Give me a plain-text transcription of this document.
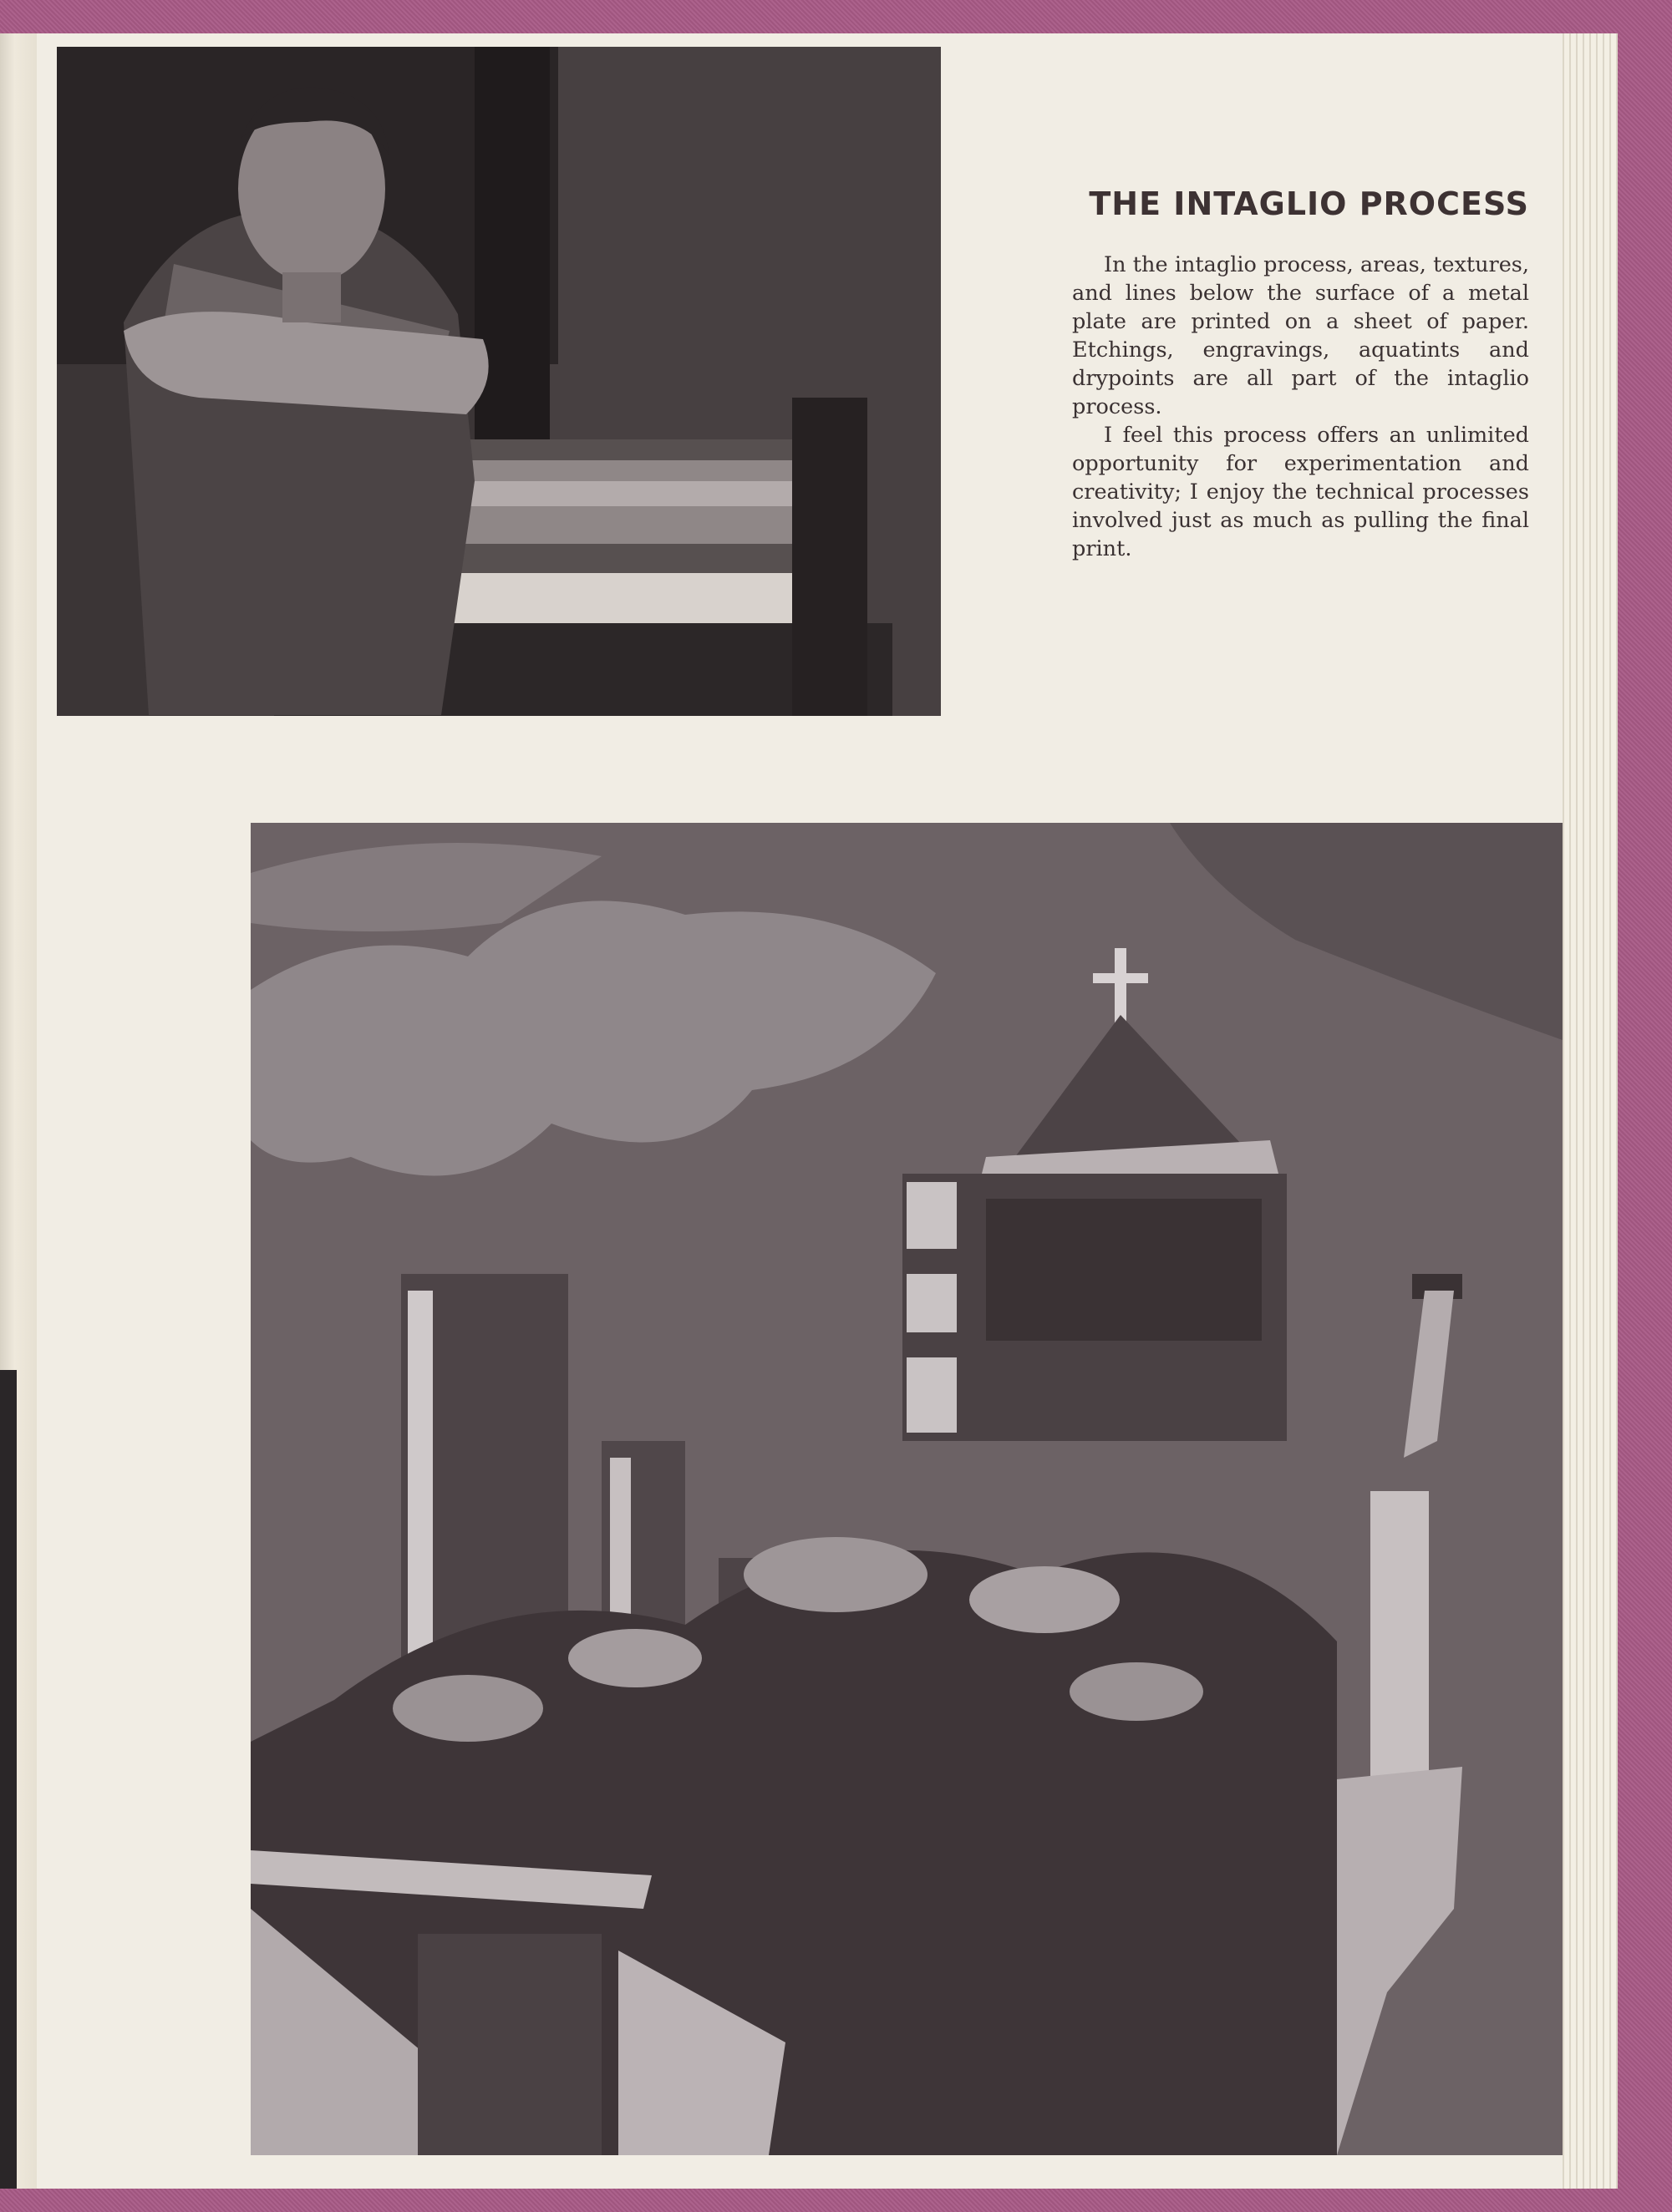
THE INTAGLIO PROCESS

In the intaglio process, areas, textures, and lines below the surface of a metal plate are printed on a sheet of paper. Etchings, engravings, aquatints and drypoints are all part of the intaglio process.

I feel this process offers an unlimited opportunity for experimentation and creativity; I enjoy the technical processes involved just as much as pulling the final print.
